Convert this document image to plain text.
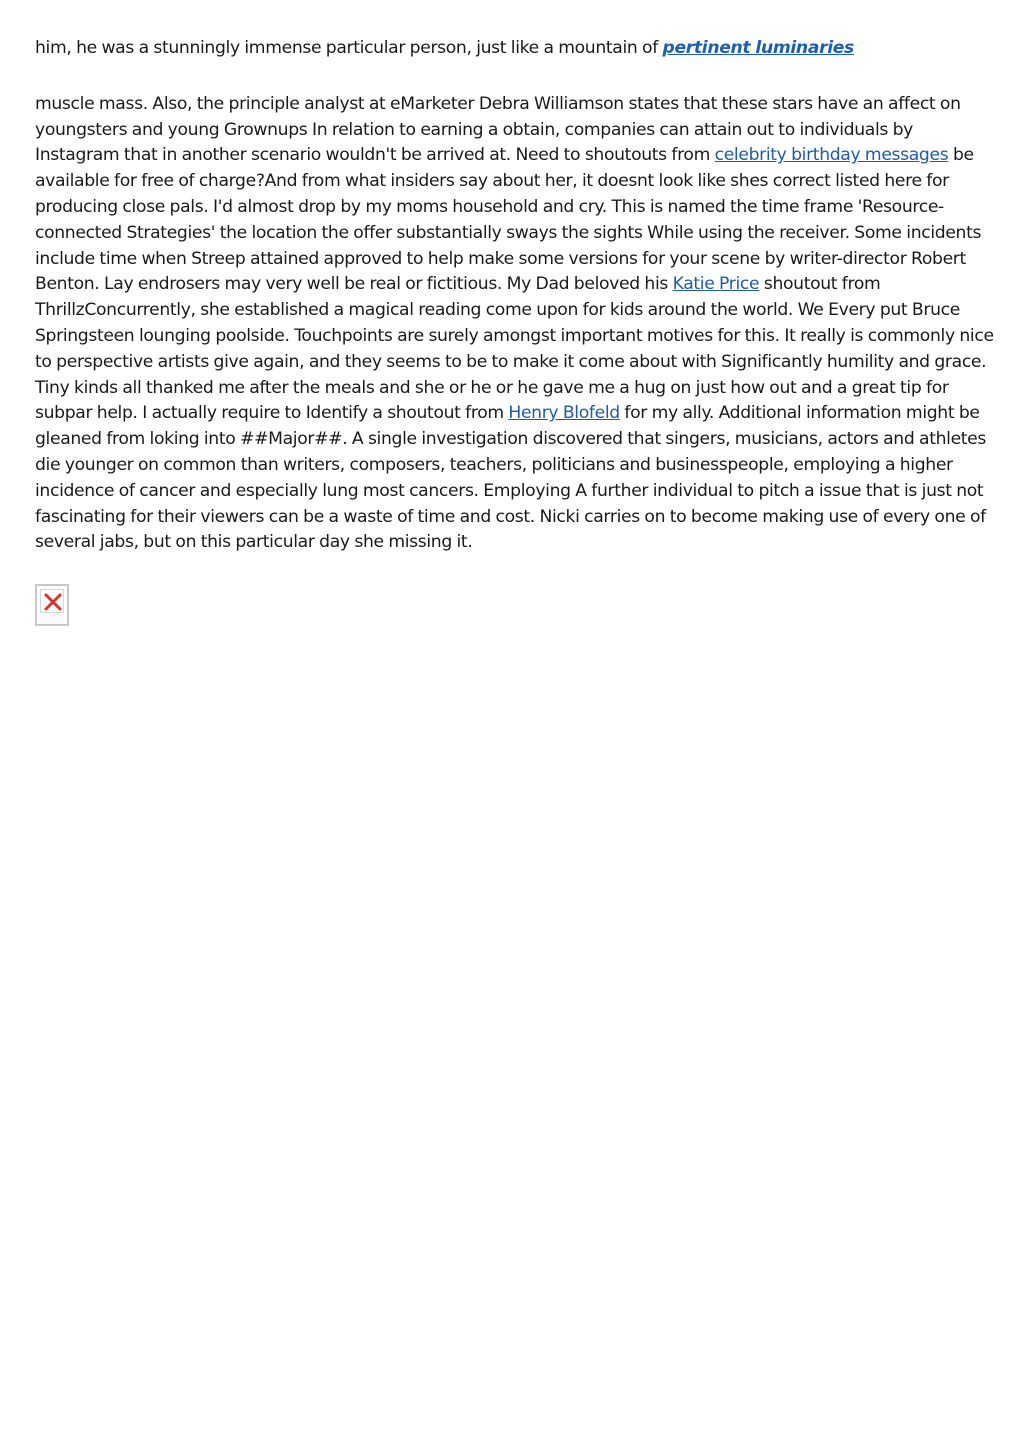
him, he was a stunningly immense particular person, just like a mountain of pertinent luminaries

muscle mass. Also, the principle analyst at eMarketer Debra Williamson states that these stars have an affect on youngsters and young Grownups In relation to earning a obtain, companies can attain out to individuals by Instagram that in another scenario wouldn't be arrived at. Need to shoutouts from celebrity birthday messages be available for free of charge?And from what insiders say about her, it doesnt look like shes correct listed here for producing close pals. I'd almost drop by my moms household and cry. This is named the time frame 'Resource-connected Strategies' the location the offer substantially sways the sights While using the receiver. Some incidents include time when Streep attained approved to help make some versions for your scene by writer-director Robert Benton. Lay endrosers may very well be real or fictitious. My Dad beloved his Katie Price shoutout from ThrillzConcurrently, she established a magical reading come upon for kids around the world. We Every put Bruce Springsteen lounging poolside. Touchpoints are surely amongst important motives for this. It really is commonly nice to perspective artists give again, and they seems to be to make it come about with Significantly humility and grace. Tiny kinds all thanked me after the meals and she or he or he gave me a hug on just how out and a great tip for subpar help. I actually require to Identify a shoutout from Henry Blofeld for my ally. Additional information might be gleaned from loking into ##Major##. A single investigation discovered that singers, musicians, actors and athletes die younger on common than writers, composers, teachers, politicians and businesspeople, employing a higher incidence of cancer and especially lung most cancers. Employing A further individual to pitch a issue that is just not fascinating for their viewers can be a waste of time and cost. Nicki carries on to become making use of every one of several jabs, but on this particular day she missing it.
